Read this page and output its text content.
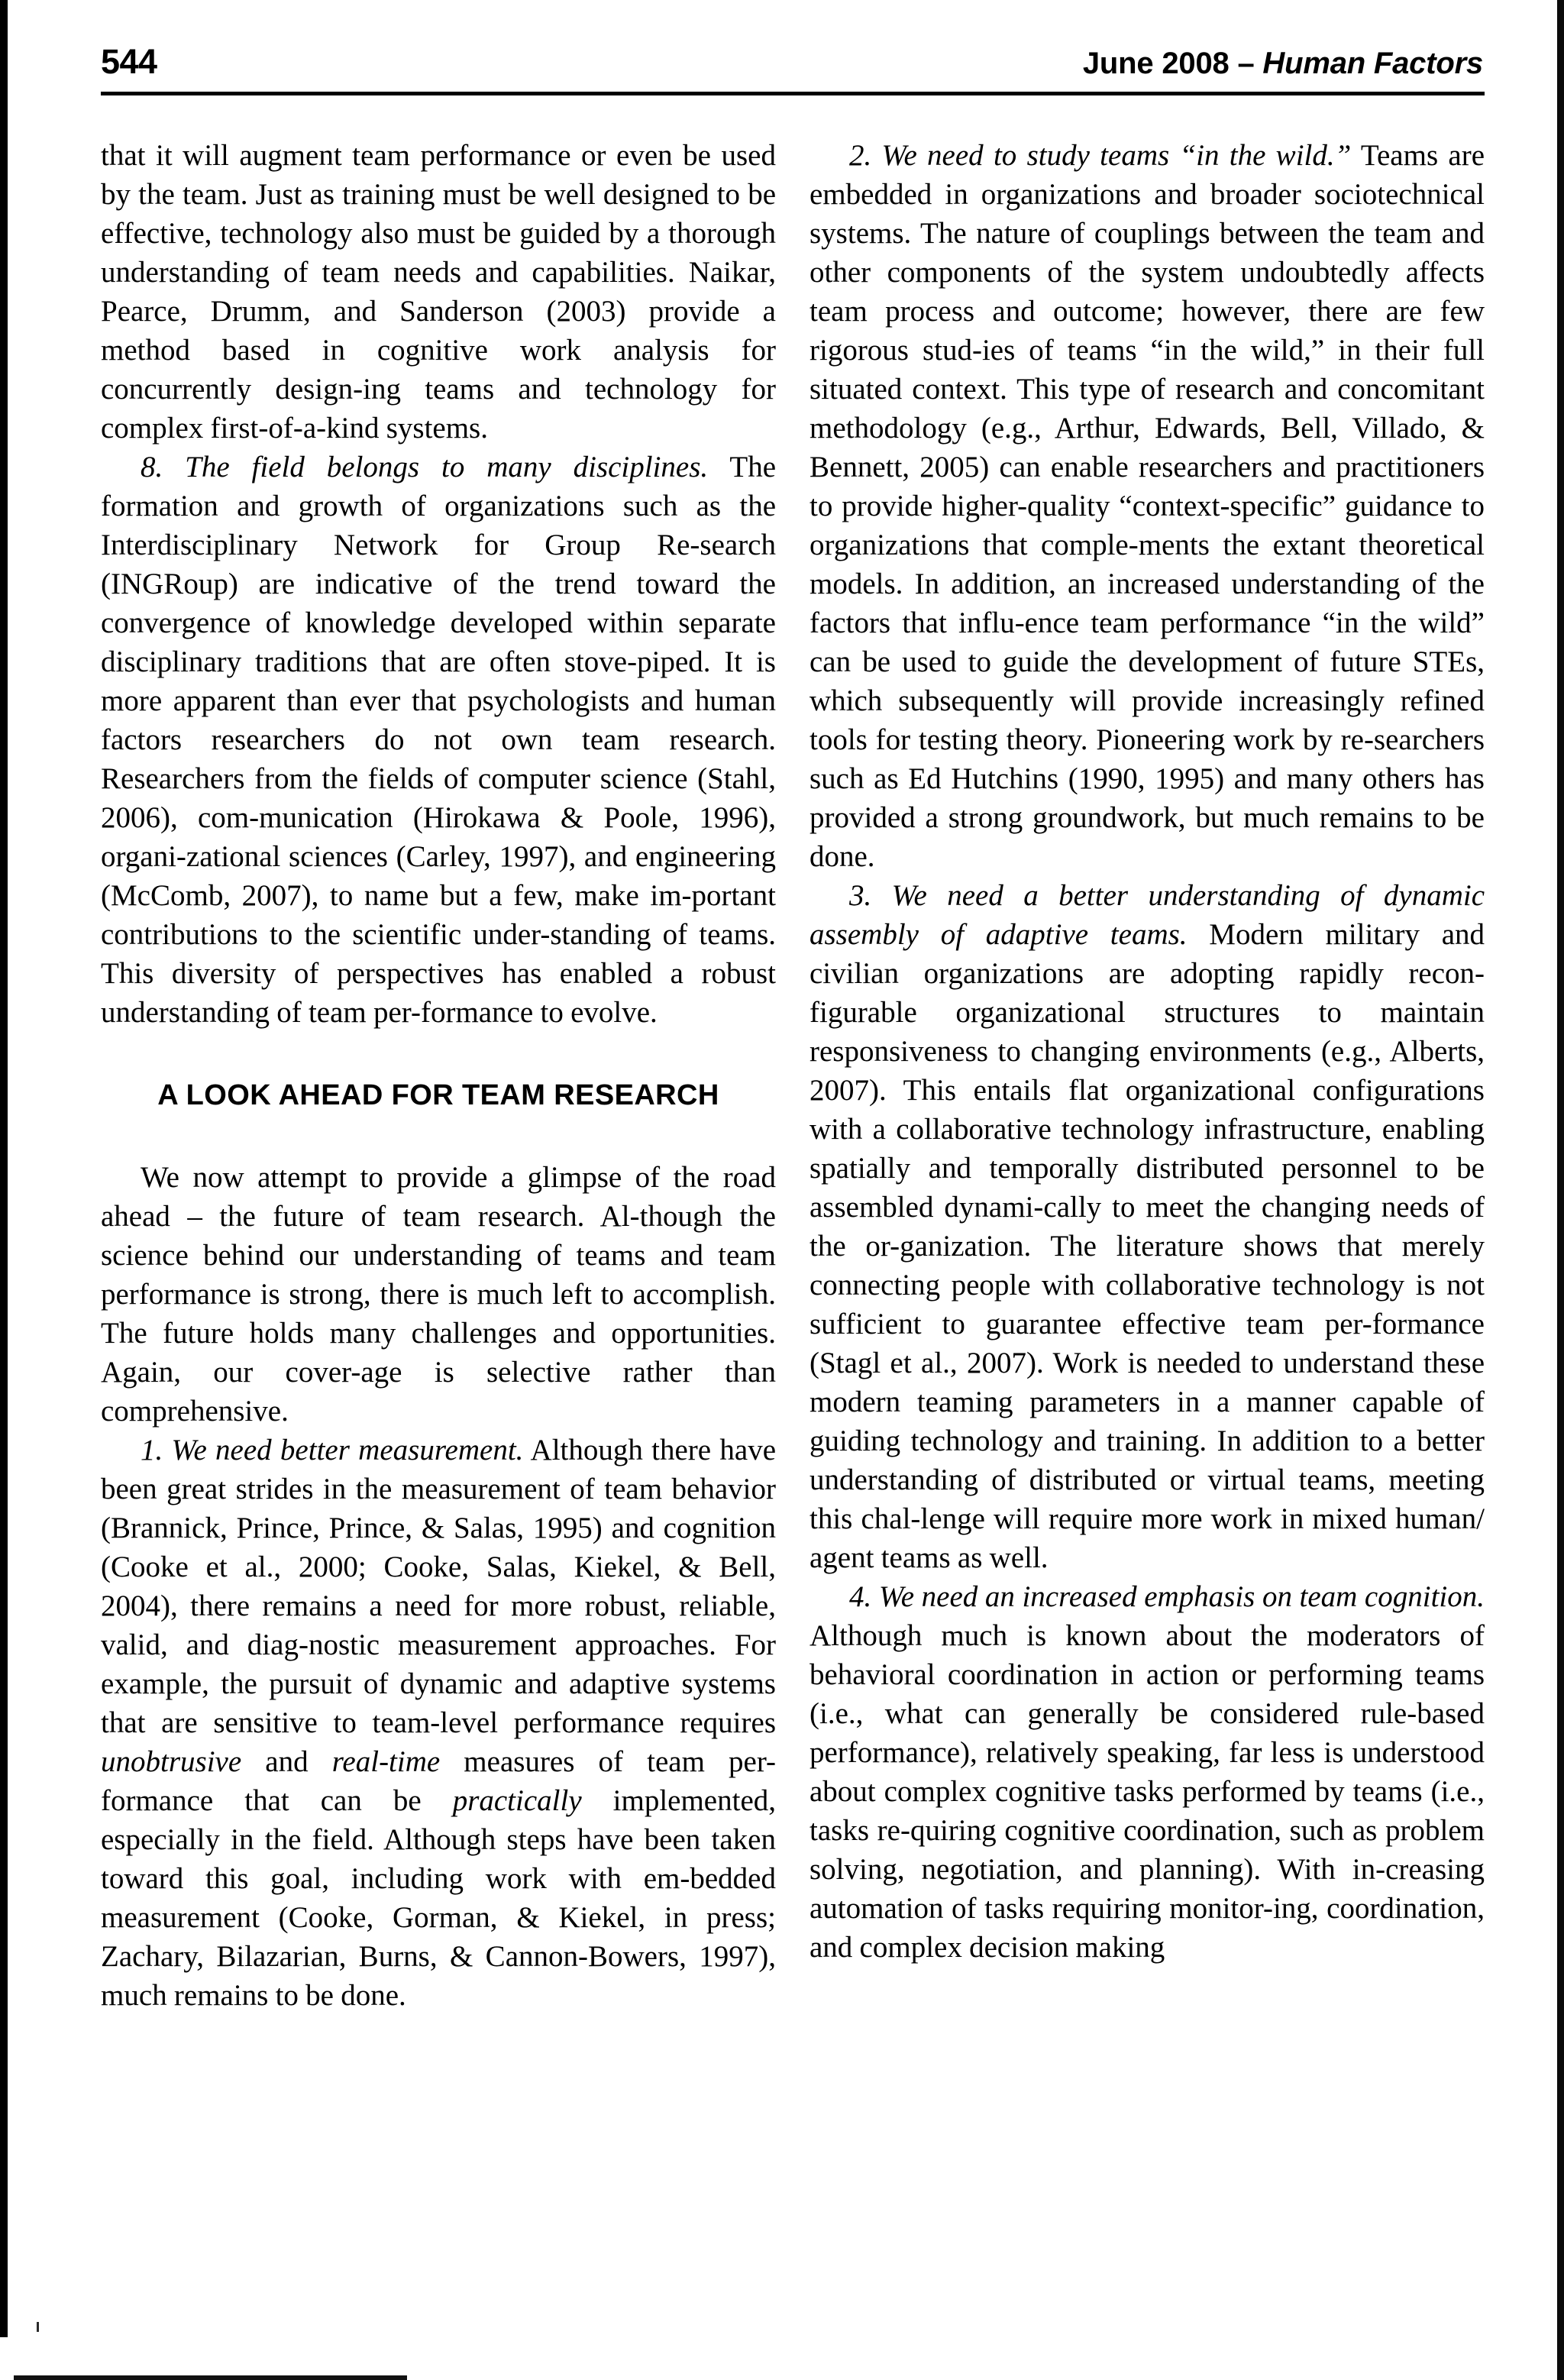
544	June 2008 – Human Factors

that it will augment team performance or even be used by the team. Just as training must be well designed to be effective, technology also must be guided by a thorough understanding of team needs and capabilities. Naikar, Pearce, Drumm, and Sanderson (2003) provide a method based in cognitive work analysis for concurrently design-ing teams and technology for complex first-of-a-kind systems.

8. The field belongs to many disciplines. The formation and growth of organizations such as the Interdisciplinary Network for Group Re-search (INGRoup) are indicative of the trend toward the convergence of knowledge developed within separate disciplinary traditions that are often stove-piped. It is more apparent than ever that psychologists and human factors researchers do not own team research. Researchers from the fields of computer science (Stahl, 2006), com-munication (Hirokawa & Poole, 1996), organi-zational sciences (Carley, 1997), and engineering (McComb, 2007), to name but a few, make im-portant contributions to the scientific under-standing of teams. This diversity of perspectives has enabled a robust understanding of team per-formance to evolve.

A LOOK AHEAD FOR TEAM RESEARCH

We now attempt to provide a glimpse of the road ahead – the future of team research. Al-though the science behind our understanding of teams and team performance is strong, there is much left to accomplish. The future holds many challenges and opportunities. Again, our cover-age is selective rather than comprehensive.

1. We need better measurement. Although there have been great strides in the measurement of team behavior (Brannick, Prince, Prince, & Salas, 1995) and cognition (Cooke et al., 2000; Cooke, Salas, Kiekel, & Bell, 2004), there remains a need for more robust, reliable, valid, and diag-nostic measurement approaches. For example, the pursuit of dynamic and adaptive systems that are sensitive to team-level performance requires unobtrusive and real-time measures of team per-formance that can be practically implemented, especially in the field. Although steps have been taken toward this goal, including work with em-bedded measurement (Cooke, Gorman, & Kiekel, in press; Zachary, Bilazarian, Burns, & Cannon-Bowers, 1997), much remains to be done.

2. We need to study teams “in the wild.” Teams are embedded in organizations and broader sociotechnical systems. The nature of couplings between the team and other components of the system undoubtedly affects team process and outcome; however, there are few rigorous stud-ies of teams “in the wild,” in their full situated context. This type of research and concomitant methodology (e.g., Arthur, Edwards, Bell, Villado, & Bennett, 2005) can enable researchers and practitioners to provide higher-quality “context-specific” guidance to organizations that comple-ments the extant theoretical models. In addition, an increased understanding of the factors that influ-ence team performance “in the wild” can be used to guide the development of future STEs, which subsequently will provide increasingly refined tools for testing theory. Pioneering work by re-searchers such as Ed Hutchins (1990, 1995) and many others has provided a strong groundwork, but much remains to be done.

3. We need a better understanding of dynamic assembly of adaptive teams. Modern military and civilian organizations are adopting rapidly recon-figurable organizational structures to maintain responsiveness to changing environments (e.g., Alberts, 2007). This entails flat organizational configurations with a collaborative technology infrastructure, enabling spatially and temporally distributed personnel to be assembled dynami-cally to meet the changing needs of the or-ganization. The literature shows that merely connecting people with collaborative technology is not sufficient to guarantee effective team per-formance (Stagl et al., 2007). Work is needed to understand these modern teaming parameters in a manner capable of guiding technology and training. In addition to a better understanding of distributed or virtual teams, meeting this chal-lenge will require more work in mixed human/ agent teams as well.

4. We need an increased emphasis on team cognition. Although much is known about the moderators of behavioral coordination in action or performing teams (i.e., what can generally be considered rule-based performance), relatively speaking, far less is understood about complex cognitive tasks performed by teams (i.e., tasks re-quiring cognitive coordination, such as problem solving, negotiation, and planning). With in-creasing automation of tasks requiring monitor-ing, coordination, and complex decision making
